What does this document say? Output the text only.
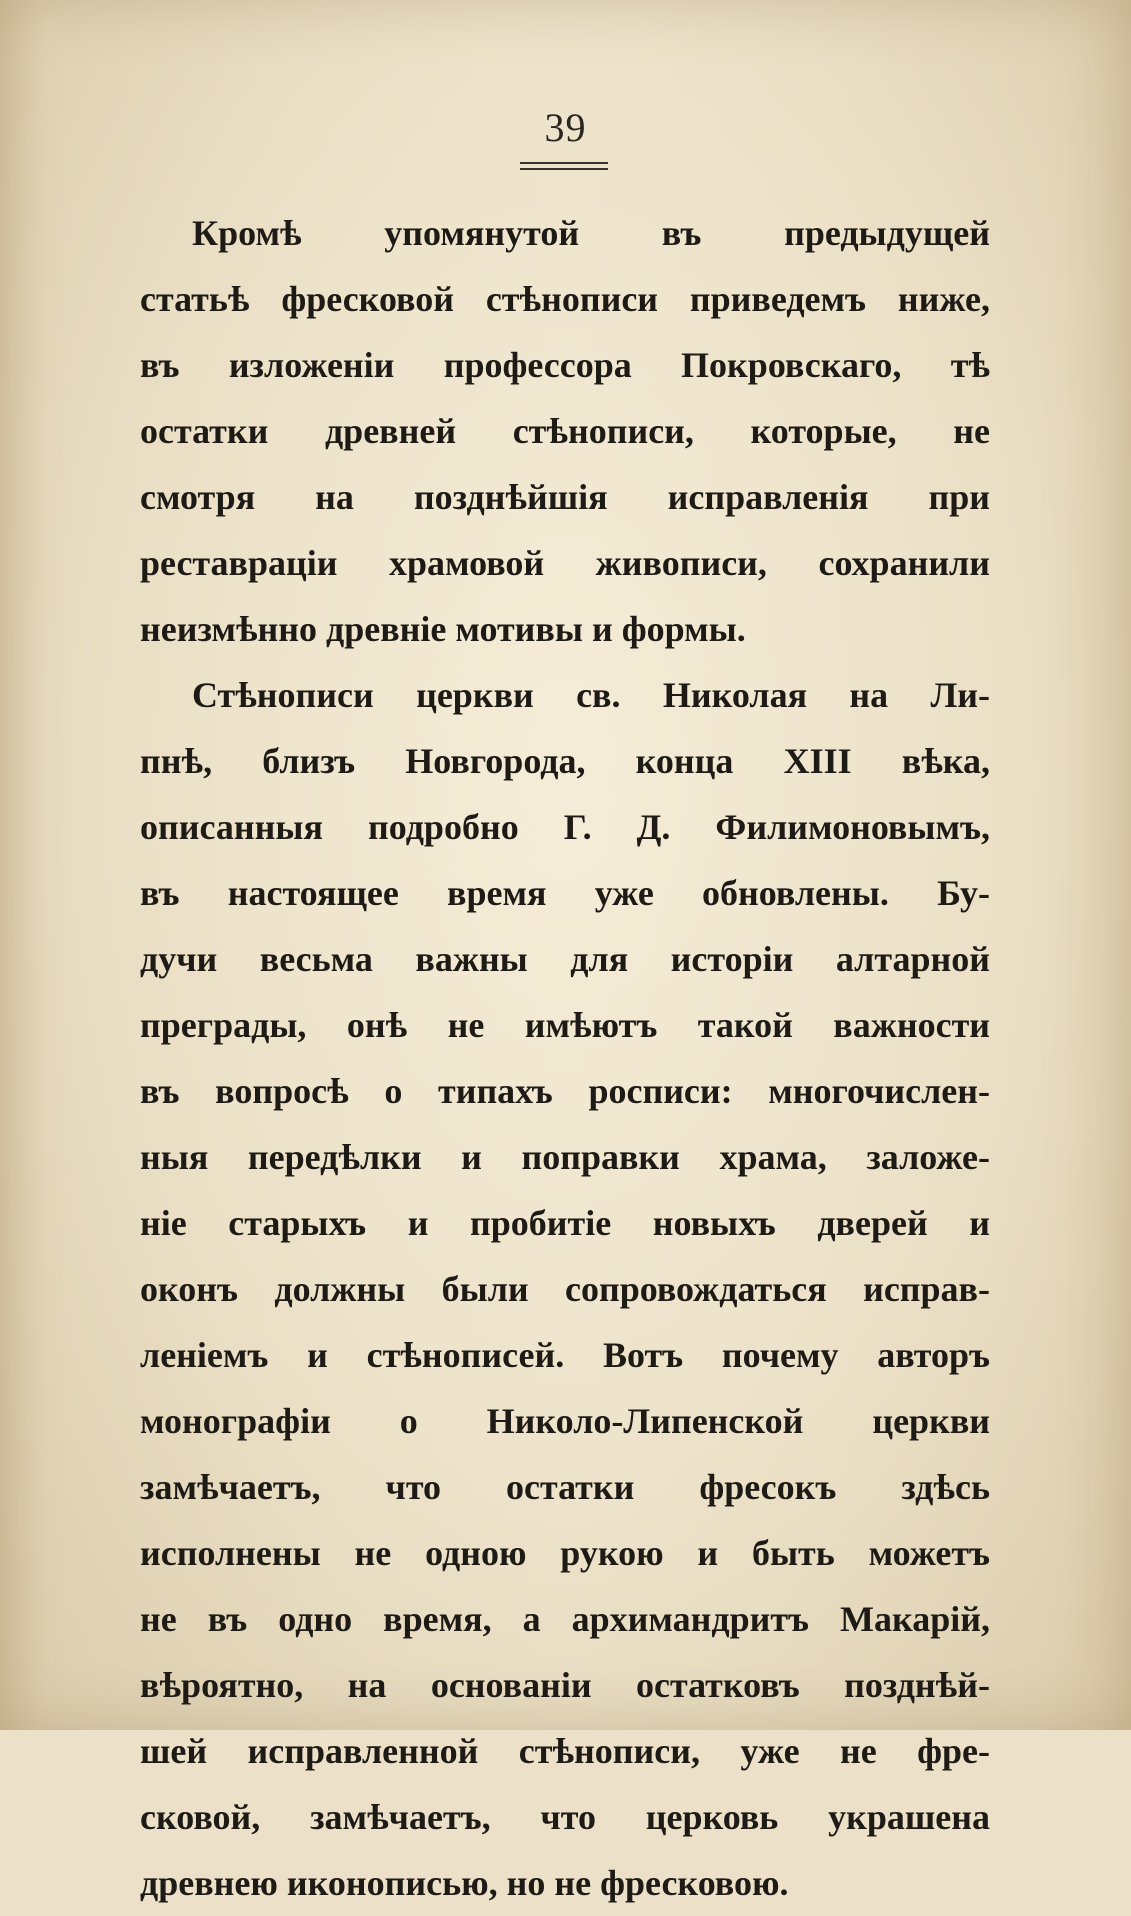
39
Кромѣ упомянутой въ предыдущей
статьѣ фресковой стѣнописи приведемъ ниже,
въ изложеніи профессора Покровскаго, тѣ
остатки древней стѣнописи, которые, не
смотря на позднѣйшія исправленія при
реставраціи храмовой живописи, сохранили
неизмѣнно древніе мотивы и формы.
Стѣнописи церкви св. Николая на Ли-
пнѣ, близъ Новгорода, конца XIII вѣка,
описанныя подробно Г. Д. Филимоновымъ,
въ настоящее время уже обновлены. Бу-
дучи весьма важны для исторіи алтарной
преграды, онѣ не имѣютъ такой важности
въ вопросѣ о типахъ росписи: многочислен-
ныя передѣлки и поправки храма, заложе-
ніе старыхъ и пробитіе новыхъ дверей и
оконъ должны были сопровождаться исправ-
леніемъ и стѣнописей. Вотъ почему авторъ
монографіи о Николо-Липенской церкви
замѣчаетъ, что остатки фресокъ здѣсь
исполнены не одною рукою и быть можетъ
не въ одно время, а архимандритъ Макарій,
вѣроятно, на основаніи остатковъ позднѣй-
шей исправленной стѣнописи, уже не фре-
сковой, замѣчаетъ, что церковь украшена
древнею иконописью, но не фресковою.
